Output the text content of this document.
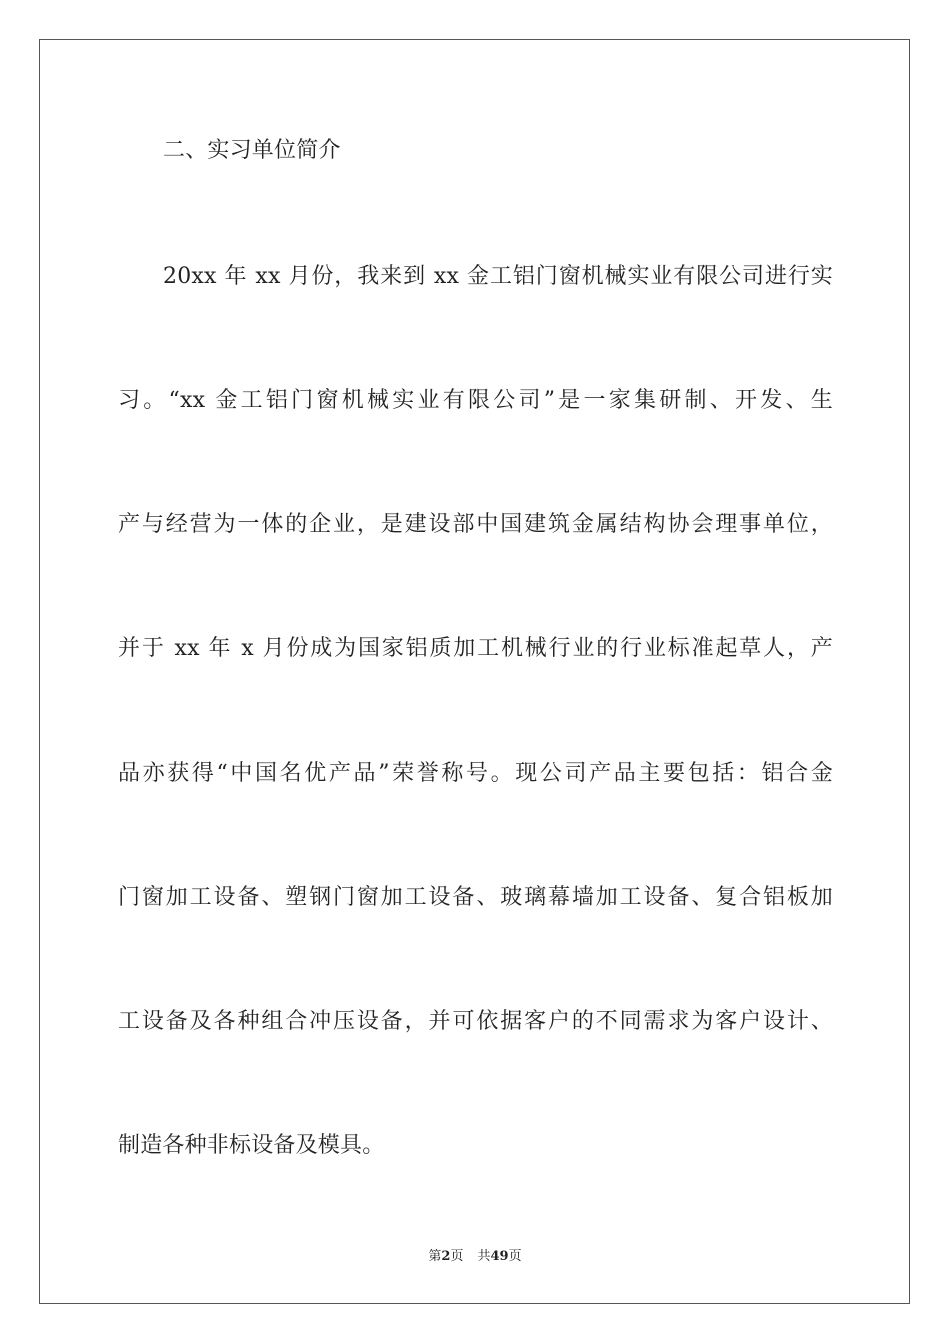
二、实习单位简介
20xx 年 xx 月份，我来到 xx 金工铝门窗机械实业有限公司进行实
习。“xx 金工铝门窗机械实业有限公司”是一家集研制、开发、生
产与经营为一体的企业，是建设部中国建筑金属结构协会理事单位，
并于 xx 年 x 月份成为国家铝质加工机械行业的行业标准起草人，产
品亦获得“中国名优产品”荣誉称号。现公司产品主要包括：铝合金
门窗加工设备、塑钢门窗加工设备、玻璃幕墙加工设备、复合铝板加
工设备及各种组合冲压设备，并可依据客户的不同需求为客户设计、
制造各种非标设备及模具。
第2页 共49页
